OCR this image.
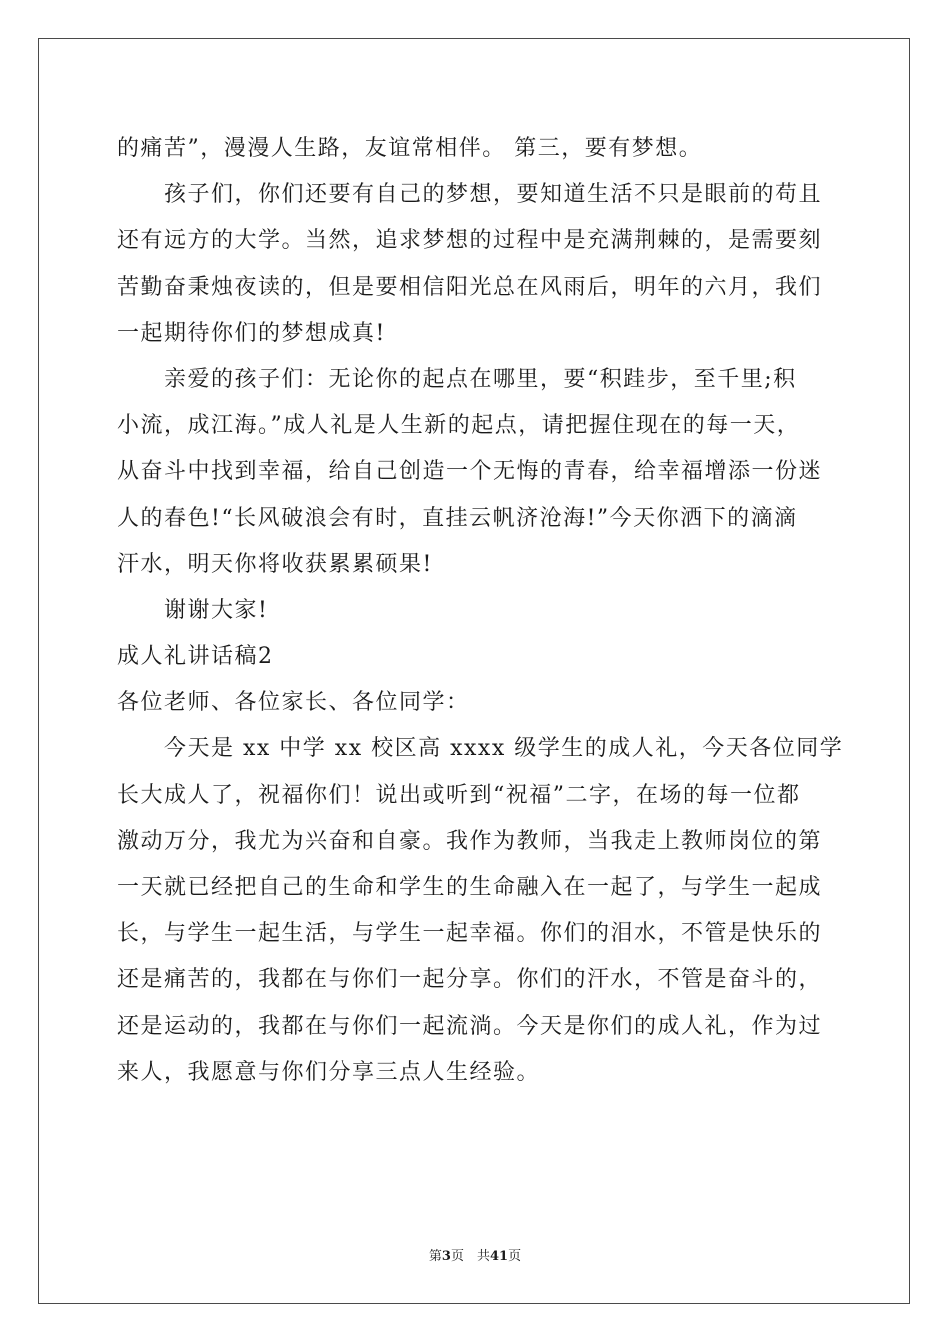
的痛苦”，漫漫人生路，友谊常相伴。 第三，要有梦想。
孩子们，你们还要有自己的梦想，要知道生活不只是眼前的苟且
还有远方的大学。当然，追求梦想的过程中是充满荆棘的，是需要刻
苦勤奋秉烛夜读的，但是要相信阳光总在风雨后，明年的六月，我们
一起期待你们的梦想成真!
亲爱的孩子们：无论你的起点在哪里，要“积跬步，至千里;积
小流，成江海。”成人礼是人生新的起点，请把握住现在的每一天，
从奋斗中找到幸福，给自己创造一个无悔的青春，给幸福增添一份迷
人的春色!“长风破浪会有时，直挂云帆济沧海!”今天你洒下的滴滴
汗水，明天你将收获累累硕果!
谢谢大家!
成人礼讲话稿2
各位老师、各位家长、各位同学：
今天是 xx 中学 xx 校区高 xxxx 级学生的成人礼，今天各位同学
长大成人了，祝福你们！说出或听到“祝福”二字，在场的每一位都
激动万分，我尤为兴奋和自豪。我作为教师，当我走上教师岗位的第
一天就已经把自己的生命和学生的生命融入在一起了，与学生一起成
长，与学生一起生活，与学生一起幸福。你们的泪水，不管是快乐的
还是痛苦的，我都在与你们一起分享。你们的汗水，不管是奋斗的，
还是运动的，我都在与你们一起流淌。今天是你们的成人礼，作为过
来人，我愿意与你们分享三点人生经验。
第3页　共41页
